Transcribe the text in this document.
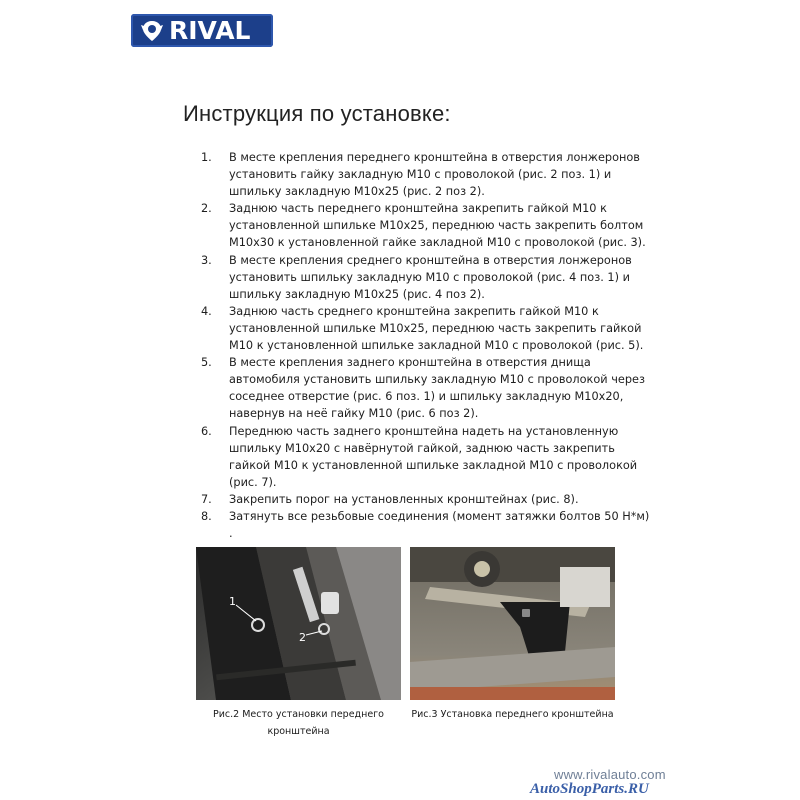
RIVAL
Инструкция по установке:
1.	В месте крепления переднего кронштейна в отверстия лонжеронов установить гайку закладную М10 с проволокой (рис. 2 поз. 1) и шпильку закладную М10х25 (рис. 2 поз 2).
2.	Заднюю часть переднего кронштейна закрепить гайкой М10 к установленной шпильке М10х25, переднюю часть закрепить болтом М10х30 к установленной гайке закладной М10 с проволокой (рис. 3).
3.	В месте крепления среднего кронштейна в отверстия лонжеронов установить шпильку закладную М10 с проволокой (рис. 4 поз. 1) и шпильку закладную М10х25 (рис. 4 поз 2).
4.	Заднюю часть среднего кронштейна закрепить гайкой М10 к установленной шпильке М10х25, переднюю часть закрепить гайкой М10 к установленной шпильке закладной М10 с проволокой (рис. 5).
5.	В месте крепления заднего кронштейна в отверстия днища автомобиля установить шпильку закладную М10 с проволокой через соседнее отверстие (рис. 6 поз. 1) и шпильку закладную М10х20, навернув на неё гайку М10 (рис. 6 поз 2).
6.	Переднюю часть заднего кронштейна надеть на установленную шпильку М10х20 с навёрнутой гайкой, заднюю часть закрепить гайкой М10 к установленной шпильке закладной М10 с проволокой (рис. 7).
7.	Закрепить порог на установленных кронштейнах (рис. 8).
8.	Затянуть все резьбовые соединения (момент затяжки болтов 50 Н*м) .
1
2
Рис.2 Место установки переднего кронштейна
Рис.3 Установка переднего кронштейна
www.rivalauto.com
AutoShopParts.RU
